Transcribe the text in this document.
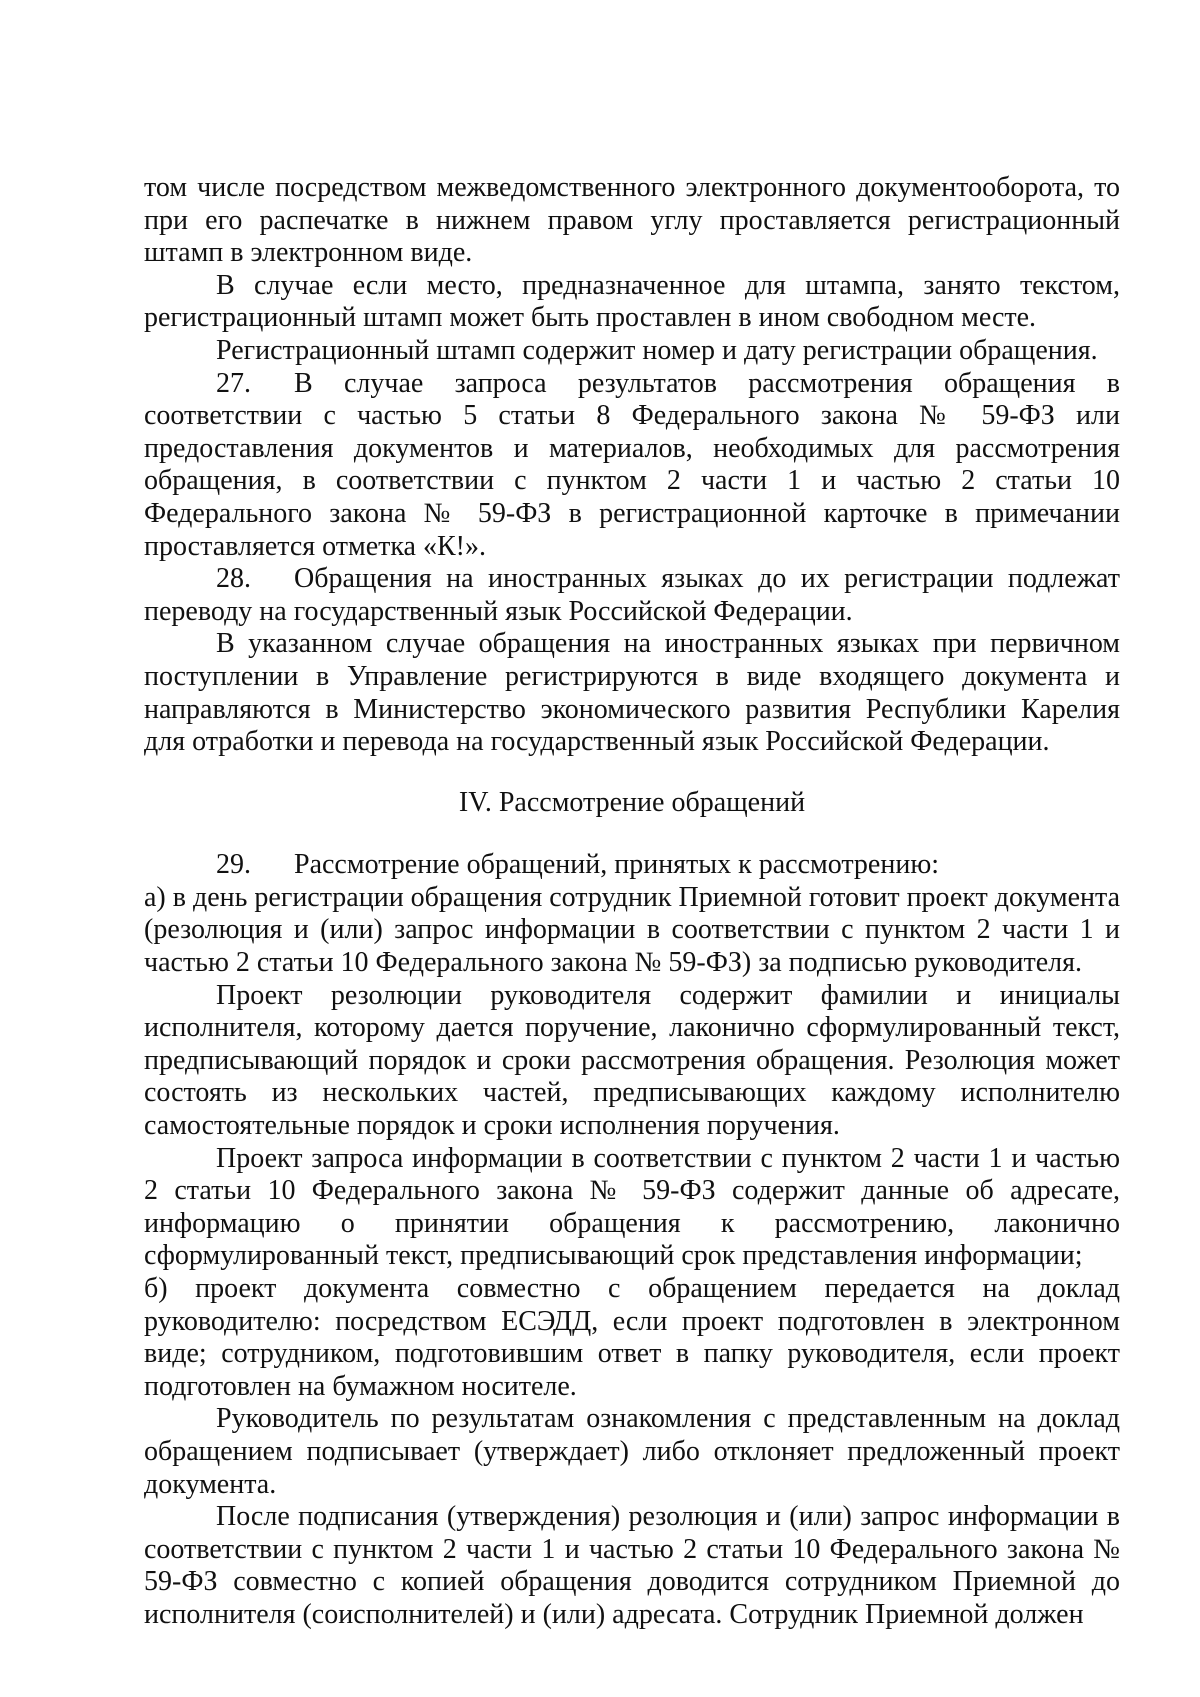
том числе посредством межведомственного электронного документооборота, то при его распечатке в нижнем правом углу проставляется регистрационный штамп в электронном виде.

В случае если место, предназначенное для штампа, занято текстом, регистрационный штамп может быть проставлен в ином свободном месте.

Регистрационный штамп содержит номер и дату регистрации обращения.

27. В случае запроса результатов рассмотрения обращения в соответствии с частью 5 статьи 8 Федерального закона № 59-ФЗ или предоставления документов и материалов, необходимых для рассмотрения обращения, в соответствии с пунктом 2 части 1 и частью 2 статьи 10 Федерального закона № 59-ФЗ в регистрационной карточке в примечании проставляется отметка «К!».

28. Обращения на иностранных языках до их регистрации подлежат переводу на государственный язык Российской Федерации.

В указанном случае обращения на иностранных языках при первичном поступлении в Управление регистрируются в виде входящего документа и направляются в Министерство экономического развития Республики Карелия для отработки и перевода на государственный язык Российской Федерации.

IV. Рассмотрение обращений

29. Рассмотрение обращений, принятых к рассмотрению:

а) в день регистрации обращения сотрудник Приемной готовит проект документа (резолюция и (или) запрос информации в соответствии с пунктом 2 части 1 и частью 2 статьи 10 Федерального закона № 59-ФЗ) за подписью руководителя.

Проект резолюции руководителя содержит фамилии и инициалы исполнителя, которому дается поручение, лаконично сформулированный текст, предписывающий порядок и сроки рассмотрения обращения. Резолюция может состоять из нескольких частей, предписывающих каждому исполнителю самостоятельные порядок и сроки исполнения поручения.

Проект запроса информации в соответствии с пунктом 2 части 1 и частью 2 статьи 10 Федерального закона № 59-ФЗ содержит данные об адресате, информацию о принятии обращения к рассмотрению, лаконично сформулированный текст, предписывающий срок представления информации;

б) проект документа совместно с обращением передается на доклад руководителю: посредством ЕСЭДД, если проект подготовлен в электронном виде; сотрудником, подготовившим ответ в папку руководителя, если проект подготовлен на бумажном носителе.

Руководитель по результатам ознакомления с представленным на доклад обращением подписывает (утверждает) либо отклоняет предложенный проект документа.

После подписания (утверждения) резолюция и (или) запрос информации в соответствии с пунктом 2 части 1 и частью 2 статьи 10 Федерального закона № 59-ФЗ совместно с копией обращения доводится сотрудником Приемной до исполнителя (соисполнителей) и (или) адресата. Сотрудник Приемной должен
